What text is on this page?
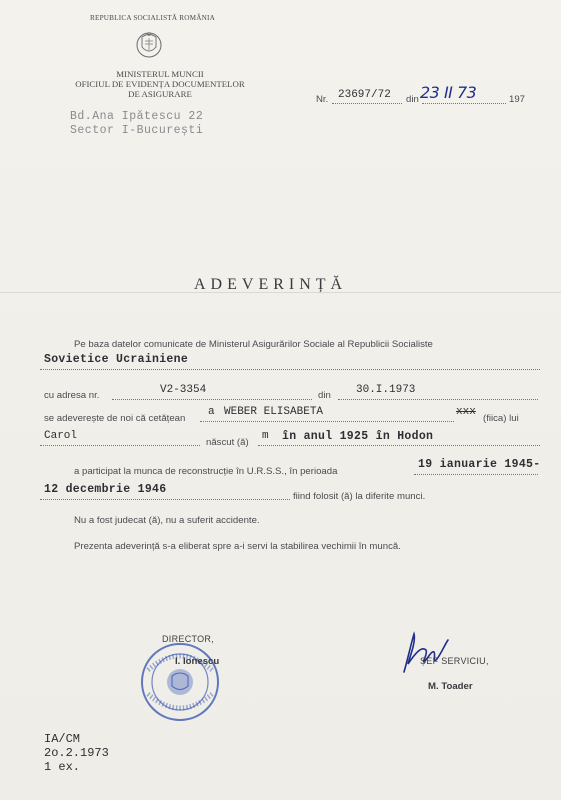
REPUBLICA SOCIALISTĂ ROMÂNIA
MINISTERUL MUNCII
OFICIUL DE EVIDENȚA DOCUMENTELOR
DE ASIGURARE
Bd.Ana Ipătescu 22
Sector I-București
Nr. 23697/72 din 23 II 73	197
ADEVERINȚĂ
Pe baza datelor comunicate de Ministerul Asigurărilor Sociale al Republicii Socialiste
Sovietice Ucrainiene
cu adresa nr.	V2-3354	din 30.I.1973
se adeverește de noi că cetățean
a WEBER ELISABETA	xxx
(fiica) lui
Carol
născut (ă)
m în anul 1925 în Hodon
a participat la munca de reconstrucție în U.R.S.S., în perioada
19 ianuarie 1945-
12 decembrie 1946
fiind folosit (ă) la diferite munci.
Nu a fost judecat (ă), nu a suferit accidente.
Prezenta adeverință s-a eliberat spre a-i servi la stabilirea vechimii în muncă.
DIRECTOR,
I. Ionescu	ȘEF SERVICIU,
M. Toader
IA/CM
2o.2.1973
1 ex.
